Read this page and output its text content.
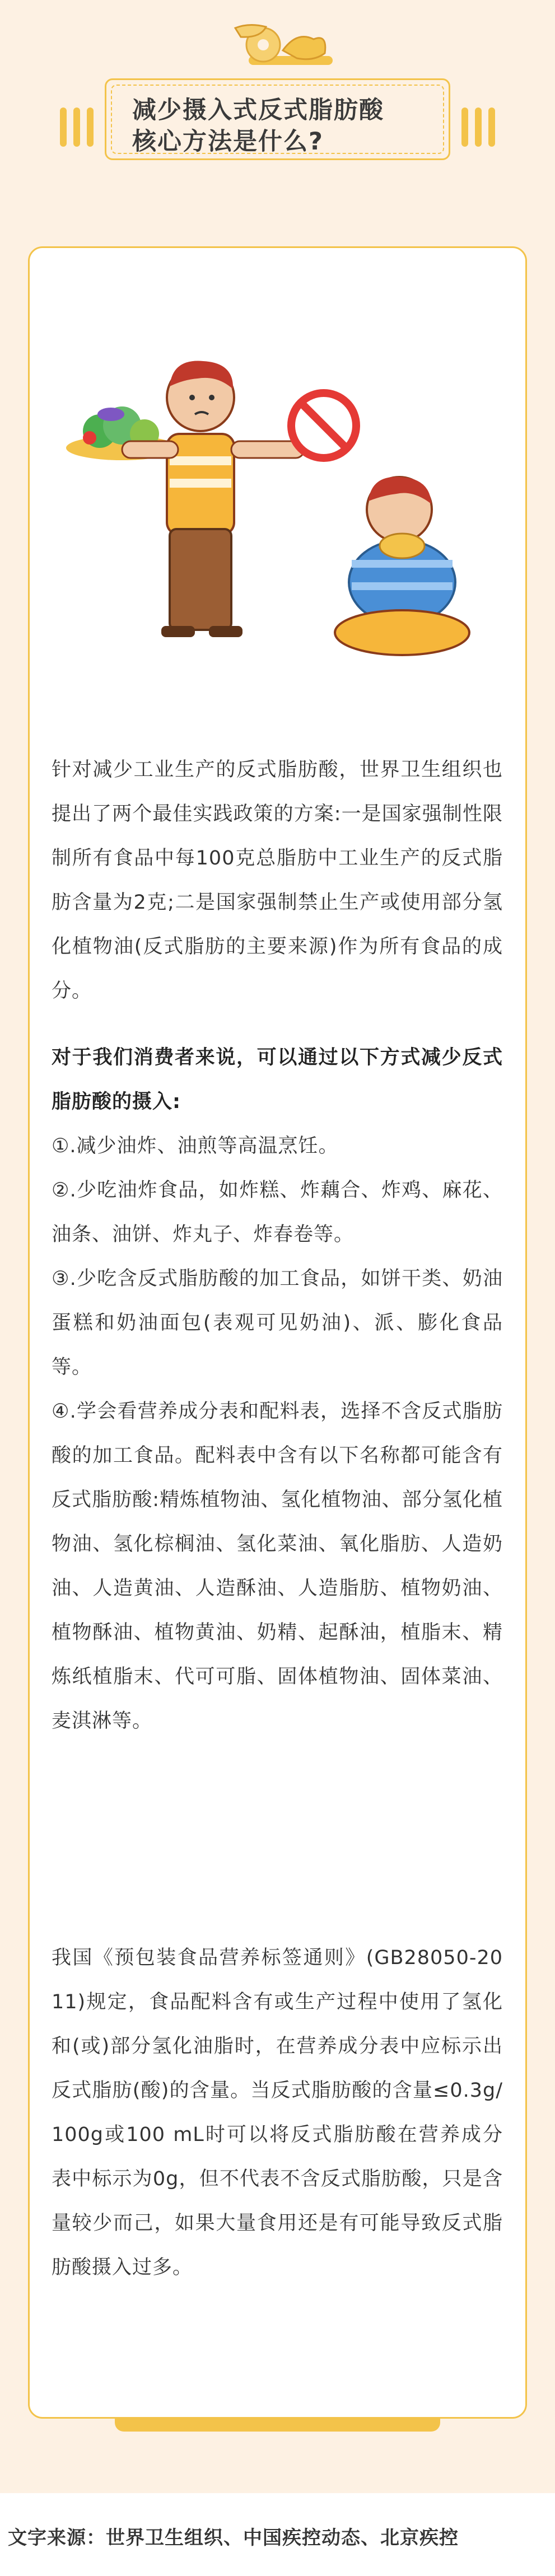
减少摄入式反式脂肪酸
核心方法是什么?
针对减少工业生产的反式脂肪酸，世界卫生组织也提出了两个最佳实践政策的方案:一是国家强制性限制所有食品中每100克总脂肪中工业生产的反式脂肪含量为2克;二是国家强制禁止生产或使用部分氢化植物油(反式脂肪的主要来源)作为所有食品的成分。
对于我们消费者来说，可以通过以下方式减少反式脂肪酸的摄入:
①.减少油炸、油煎等高温烹饪。
②.少吃油炸食品，如炸糕、炸藕合、炸鸡、麻花、油条、油饼、炸丸子、炸春卷等。
③.少吃含反式脂肪酸的加工食品，如饼干类、奶油蛋糕和奶油面包(表观可见奶油)、派、膨化食品等。
④.学会看营养成分表和配料表，选择不含反式脂肪酸的加工食品。配料表中含有以下名称都可能含有反式脂肪酸:精炼植物油、氢化植物油、部分氢化植物油、氢化棕榈油、氢化菜油、氧化脂肪、人造奶油、人造黄油、人造酥油、人造脂肪、植物奶油、植物酥油、植物黄油、奶精、起酥油，植脂末、精炼纸植脂末、代可可脂、固体植物油、固体菜油、麦淇淋等。
我国《预包装食品营养标签通则》(GB28050-2011)规定，食品配料含有或生产过程中使用了氢化和(或)部分氢化油脂时，在营养成分表中应标示出反式脂肪(酸)的含量。当反式脂肪酸的含量≤0.3g/100g或100 mL时可以将反式脂肪酸在营养成分表中标示为0g，但不代表不含反式脂肪酸，只是含量较少而己，如果大量食用还是有可能导致反式脂肪酸摄入过多。
文字来源：世界卫生组织、中国疾控动态、北京疾控
